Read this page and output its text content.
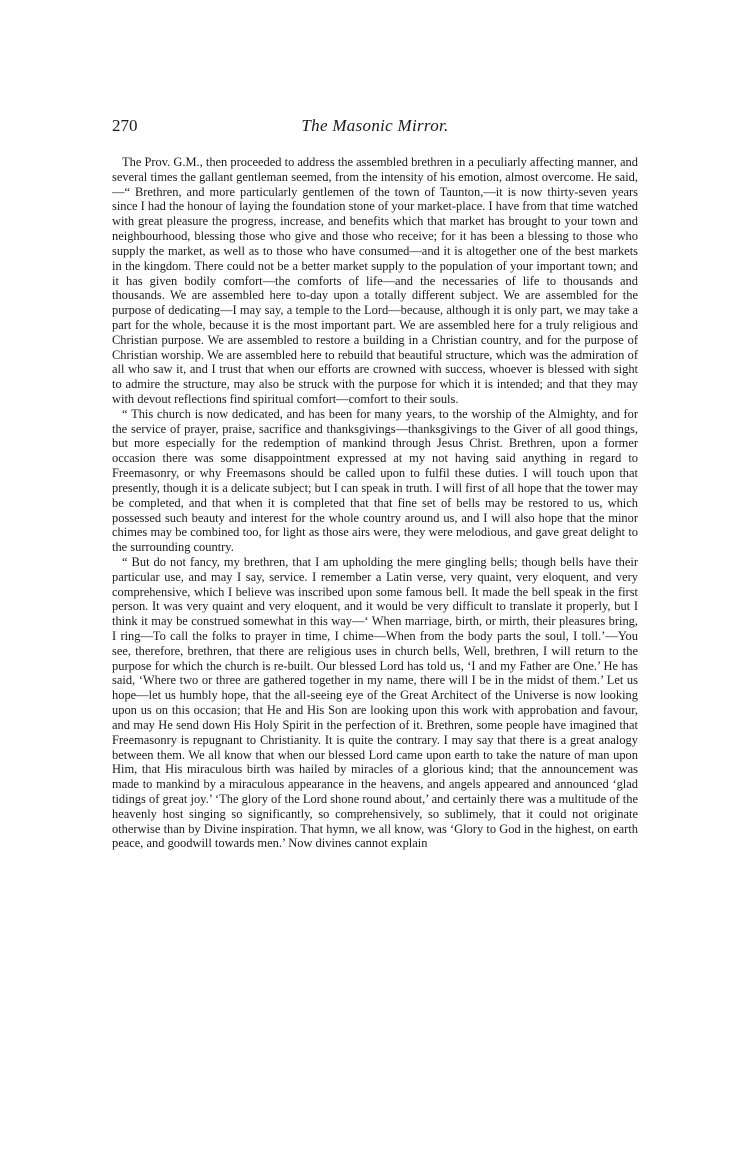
270	The Masonic Mirror.

The Prov. G.M., then proceeded to address the assembled brethren in a peculiarly affecting manner, and several times the gallant gentleman seemed, from the intensity of his emotion, almost overcome. He said,—“ Brethren, and more particularly gentlemen of the town of Taunton,—it is now thirty-seven years since I had the honour of laying the foundation stone of your market-place. I have from that time watched with great pleasure the progress, increase, and benefits which that market has brought to your town and neighbourhood, blessing those who give and those who receive; for it has been a blessing to those who supply the market, as well as to those who have consumed—and it is altogether one of the best markets in the kingdom. There could not be a better market supply to the population of your important town; and it has given bodily comfort—the comforts of life—and the necessaries of life to thousands and thousands. We are assembled here to-day upon a totally different subject. We are assembled for the purpose of dedicating—I may say, a temple to the Lord—because, although it is only part, we may take a part for the whole, because it is the most important part. We are assembled here for a truly religious and Christian purpose. We are assembled to restore a building in a Christian country, and for the purpose of Christian worship. We are assembled here to rebuild that beautiful structure, which was the admiration of all who saw it, and I trust that when our efforts are crowned with success, whoever is blessed with sight to admire the structure, may also be struck with the purpose for which it is intended; and that they may with devout reflections find spiritual comfort—comfort to their souls.

“ This church is now dedicated, and has been for many years, to the worship of the Almighty, and for the service of prayer, praise, sacrifice and thanksgivings—thanksgivings to the Giver of all good things, but more especially for the redemption of mankind through Jesus Christ. Brethren, upon a former occasion there was some disappointment expressed at my not having said anything in regard to Freemasonry, or why Freemasons should be called upon to fulfil these duties. I will touch upon that presently, though it is a delicate subject; but I can speak in truth. I will first of all hope that the tower may be completed, and that when it is completed that that fine set of bells may be restored to us, which possessed such beauty and interest for the whole country around us, and I will also hope that the minor chimes may be combined too, for light as those airs were, they were melodious, and gave great delight to the surrounding country.

“ But do not fancy, my brethren, that I am upholding the mere gingling bells; though bells have their particular use, and may I say, service. I remember a Latin verse, very quaint, very eloquent, and very comprehensive, which I believe was inscribed upon some famous bell. It made the bell speak in the first person. It was very quaint and very eloquent, and it would be very difficult to translate it properly, but I think it may be construed somewhat in this way—‘ When marriage, birth, or mirth, their pleasures bring, I ring—To call the folks to prayer in time, I chime—When from the body parts the soul, I toll.’—You see, therefore, brethren, that there are religious uses in church bells, Well, brethren, I will return to the purpose for which the church is re-built. Our blessed Lord has told us, ‘I and my Father are One.’ He has said, ‘Where two or three are gathered together in my name, there will I be in the midst of them.’ Let us hope—let us humbly hope, that the all-seeing eye of the Great Architect of the Universe is now looking upon us on this occasion; that He and His Son are looking upon this work with approbation and favour, and may He send down His Holy Spirit in the perfection of it. Brethren, some people have imagined that Freemasonry is repugnant to Christianity. It is quite the contrary. I may say that there is a great analogy between them. We all know that when our blessed Lord came upon earth to take the nature of man upon Him, that His miraculous birth was hailed by miracles of a glorious kind; that the announcement was made to mankind by a miraculous appearance in the heavens, and angels appeared and announced ‘glad tidings of great joy.’ ‘The glory of the Lord shone round about,’ and certainly there was a multitude of the heavenly host singing so significantly, so comprehensively, so sublimely, that it could not originate otherwise than by Divine inspiration. That hymn, we all know, was ‘Glory to God in the highest, on earth peace, and goodwill towards men.’ Now divines cannot explain
